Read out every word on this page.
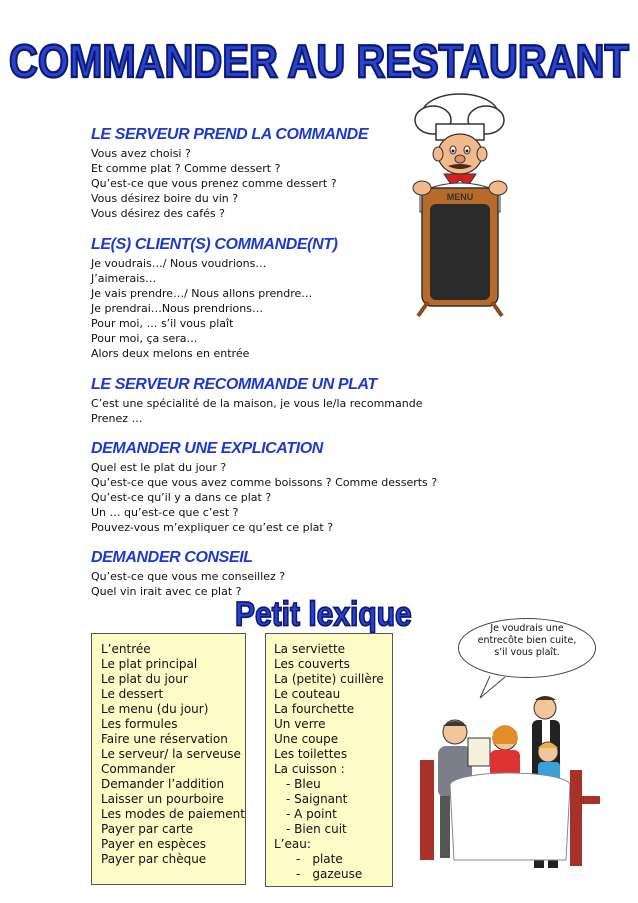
COMMANDER AU RESTAURANT
LE SERVEUR PREND LA COMMANDE
Vous avez choisi ?
Et comme plat ? Comme dessert ?
Qu’est-ce que vous prenez comme dessert ?
Vous désirez boire du vin ?
Vous désirez des cafés ?
LE(S) CLIENT(S) COMMANDE(NT)
Je voudrais…/ Nous voudrions…
J’aimerais…
Je vais prendre…/ Nous allons prendre…
Je prendrai…Nous prendrions…
Pour moi, … s’il vous plaît
Pour moi, ça sera…
Alors deux melons en entrée
LE SERVEUR RECOMMANDE UN PLAT
C’est une spécialité de la maison, je vous le/la recommande
Prenez …
DEMANDER UNE EXPLICATION
Quel est le plat du jour ?
Qu’est-ce que vous avez comme boissons ? Comme desserts ?
Qu’est-ce qu’il y a dans ce plat ?
Un … qu’est-ce que c’est ?
Pouvez-vous m’expliquer ce qu’est ce plat ?
DEMANDER CONSEIL
Qu’est-ce que vous me conseillez ?
Quel vin irait avec ce plat ?
MENU
Petit lexique
L’entrée
Le plat principal
Le plat du jour
Le dessert
Le menu (du jour)
Les formules
Faire une réservation
Le serveur/ la serveuse
Commander
Demander l’addition
Laisser un pourboire
Les modes de paiement
Payer par carte
Payer en espèces
Payer par chèque
La serviette
Les couverts
La (petite) cuillère
Le couteau
La fourchette
Un verre
Une coupe
Les toilettes
La cuisson :
- Bleu
- Saignant
- A point
- Bien cuit
L’eau:
- plate
- gazeuse
Je voudrais une
entrecôte bien cuite,
s’il vous plaît.
